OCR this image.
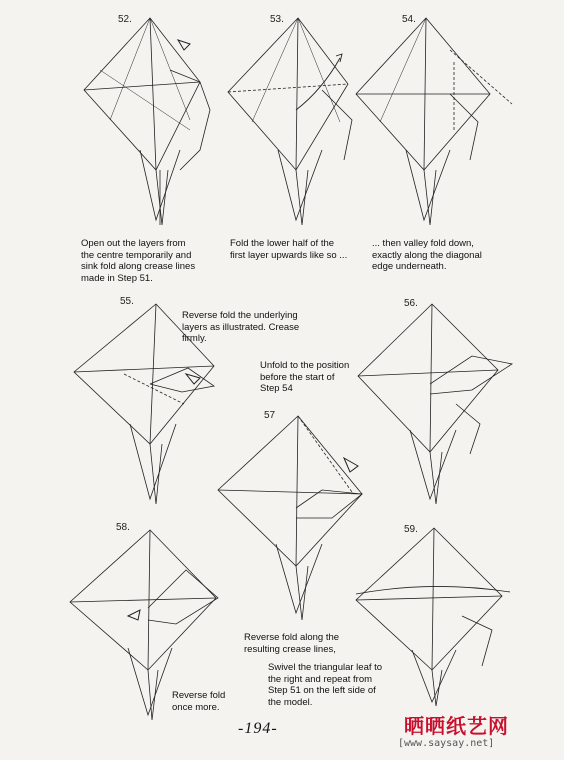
52.
Open out the layers from
the centre temporarily and
sink fold along crease lines
made in Step 51.
53.
Fold the lower half of the
first layer upwards like so ...
54.
... then valley fold down,
exactly along the diagonal
edge underneath.
55.
Reverse fold the underlying
layers as illustrated. Crease
firmly.
Unfold to the position
before the start of
Step 54
56.
57
Reverse fold along the
resulting crease lines,
58.
Reverse fold
once more.
59.
Swivel the triangular leaf to
the right and repeat from
Step 51 on the left side of
the model.
-194-	晒晒纸艺网
[www.saysay.net]
